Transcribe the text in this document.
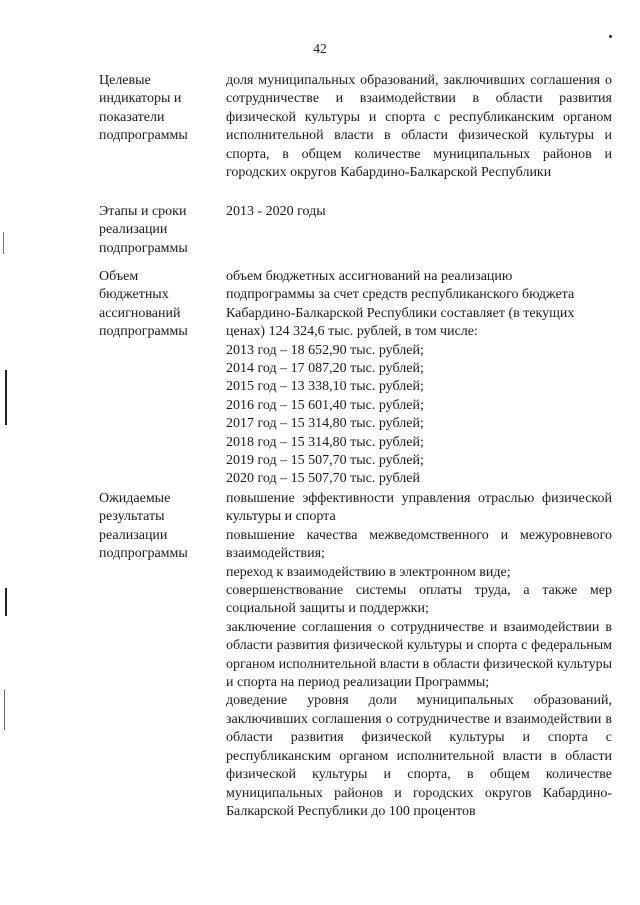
42
Целевые
индикаторы и
показатели
подпрограммы
доля муниципальных образований, заключивших соглашения о сотрудничестве и взаимодействии в области развития физической культуры и спорта с республиканским органом исполнительной власти в области физической культуры и спорта, в общем количестве муниципальных районов и городских округов Кабардино-Балкарской Республики
Этапы и сроки
реализации
подпрограммы
2013 - 2020 годы
Объем
бюджетных
ассигнований
подпрограммы
объем бюджетных ассигнований на реализацию
подпрограммы за счет средств республиканского бюджета
Кабардино-Балкарской Республики составляет (в текущих
ценах) 124 324,6 тыс. рублей, в том числе:
2013 год – 18 652,90 тыс. рублей;
2014 год – 17 087,20 тыс. рублей;
2015 год – 13 338,10 тыс. рублей;
2016 год – 15 601,40 тыс. рублей;
2017 год – 15 314,80 тыс. рублей;
2018 год – 15 314,80 тыс. рублей;
2019 год – 15 507,70 тыс. рублей;
2020 год – 15 507,70 тыс. рублей
Ожидаемые
результаты
реализации
подпрограммы
повышение эффективности управления отраслью физической культуры и спорта
повышение качества межведомственного и межуровневого взаимодействия;
переход к взаимодействию в электронном виде;
совершенствование системы оплаты труда, а также мер социальной защиты и поддержки;
заключение соглашения о сотрудничестве и взаимодействии в области развития физической культуры и спорта с федеральным органом исполнительной власти в области физической культуры и спорта на период реализации Программы;
доведение уровня доли муниципальных образований, заключивших соглашения о сотрудничестве и взаимодействии в области развития физической культуры и спорта с республиканским органом исполнительной власти в области физической культуры и спорта, в общем количестве муниципальных районов и городских округов Кабардино-Балкарской Республики до 100 процентов
